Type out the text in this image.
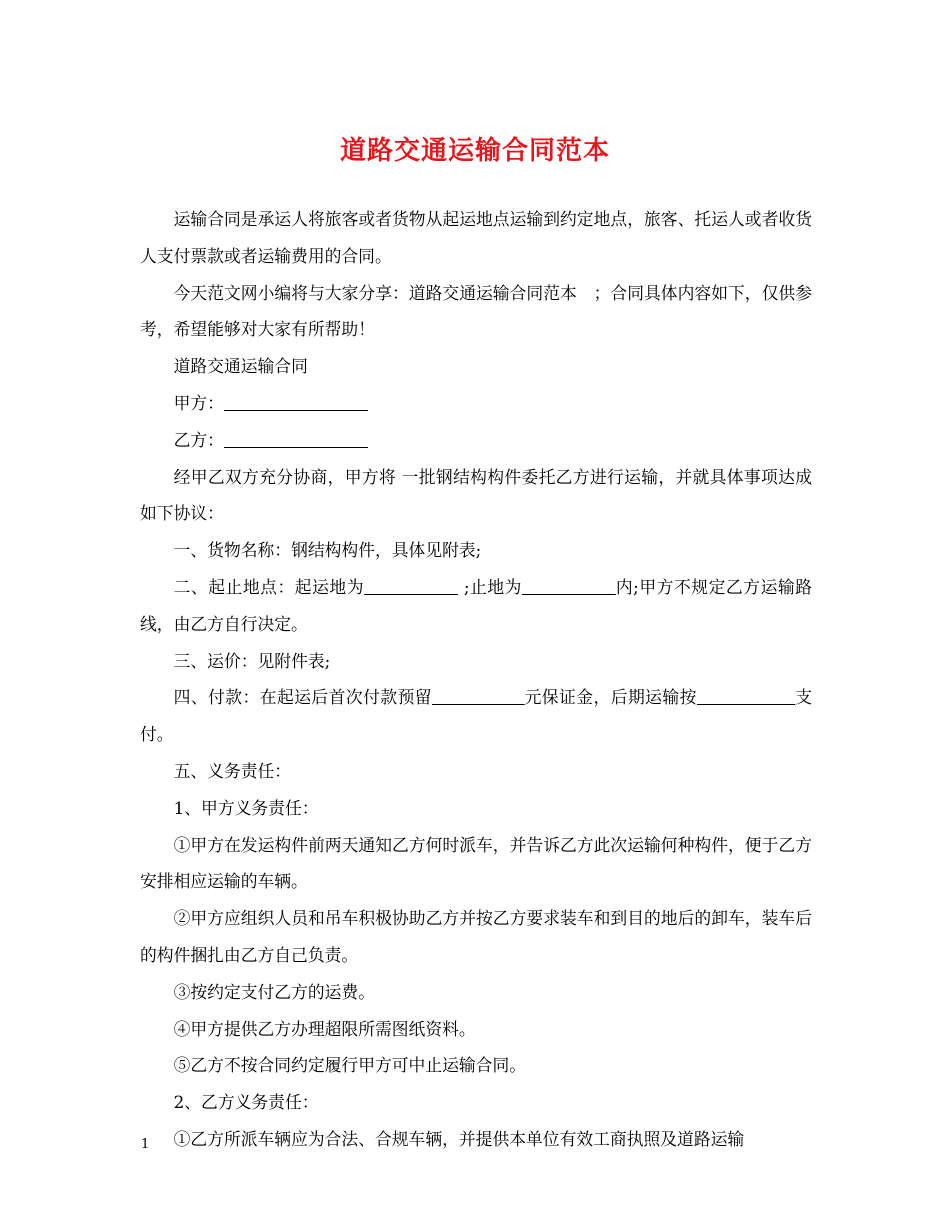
道路交通运输合同范本

运输合同是承运人将旅客或者货物从起运地点运输到约定地点，旅客、托运人或者收货人支付票款或者运输费用的合同。

今天范文网小编将与大家分享：道路交通运输合同范本　；合同具体内容如下，仅供参考，希望能够对大家有所帮助！

道路交通运输合同

甲方：

乙方：

经甲乙双方充分协商，甲方将 一批钢结构构件委托乙方进行运输，并就具体事项达成如下协议：

一、货物名称：钢结构构件，具体见附表;

二、起止地点：起运地为	;止地为	内;甲方不规定乙方运输路线，由乙方自行决定。

三、运价：见附件表;

四、付款：在起运后首次付款预留	元保证金，后期运输按	支付。

五、义务责任：

1、甲方义务责任：

①甲方在发运构件前两天通知乙方何时派车，并告诉乙方此次运输何种构件，便于乙方安排相应运输的车辆。

②甲方应组织人员和吊车积极协助乙方并按乙方要求装车和到目的地后的卸车，装车后的构件捆扎由乙方自己负责。

③按约定支付乙方的运费。

④甲方提供乙方办理超限所需图纸资料。

⑤乙方不按合同约定履行甲方可中止运输合同。

2、乙方义务责任：

①乙方所派车辆应为合法、合规车辆，并提供本单位有效工商执照及道路运输

1
